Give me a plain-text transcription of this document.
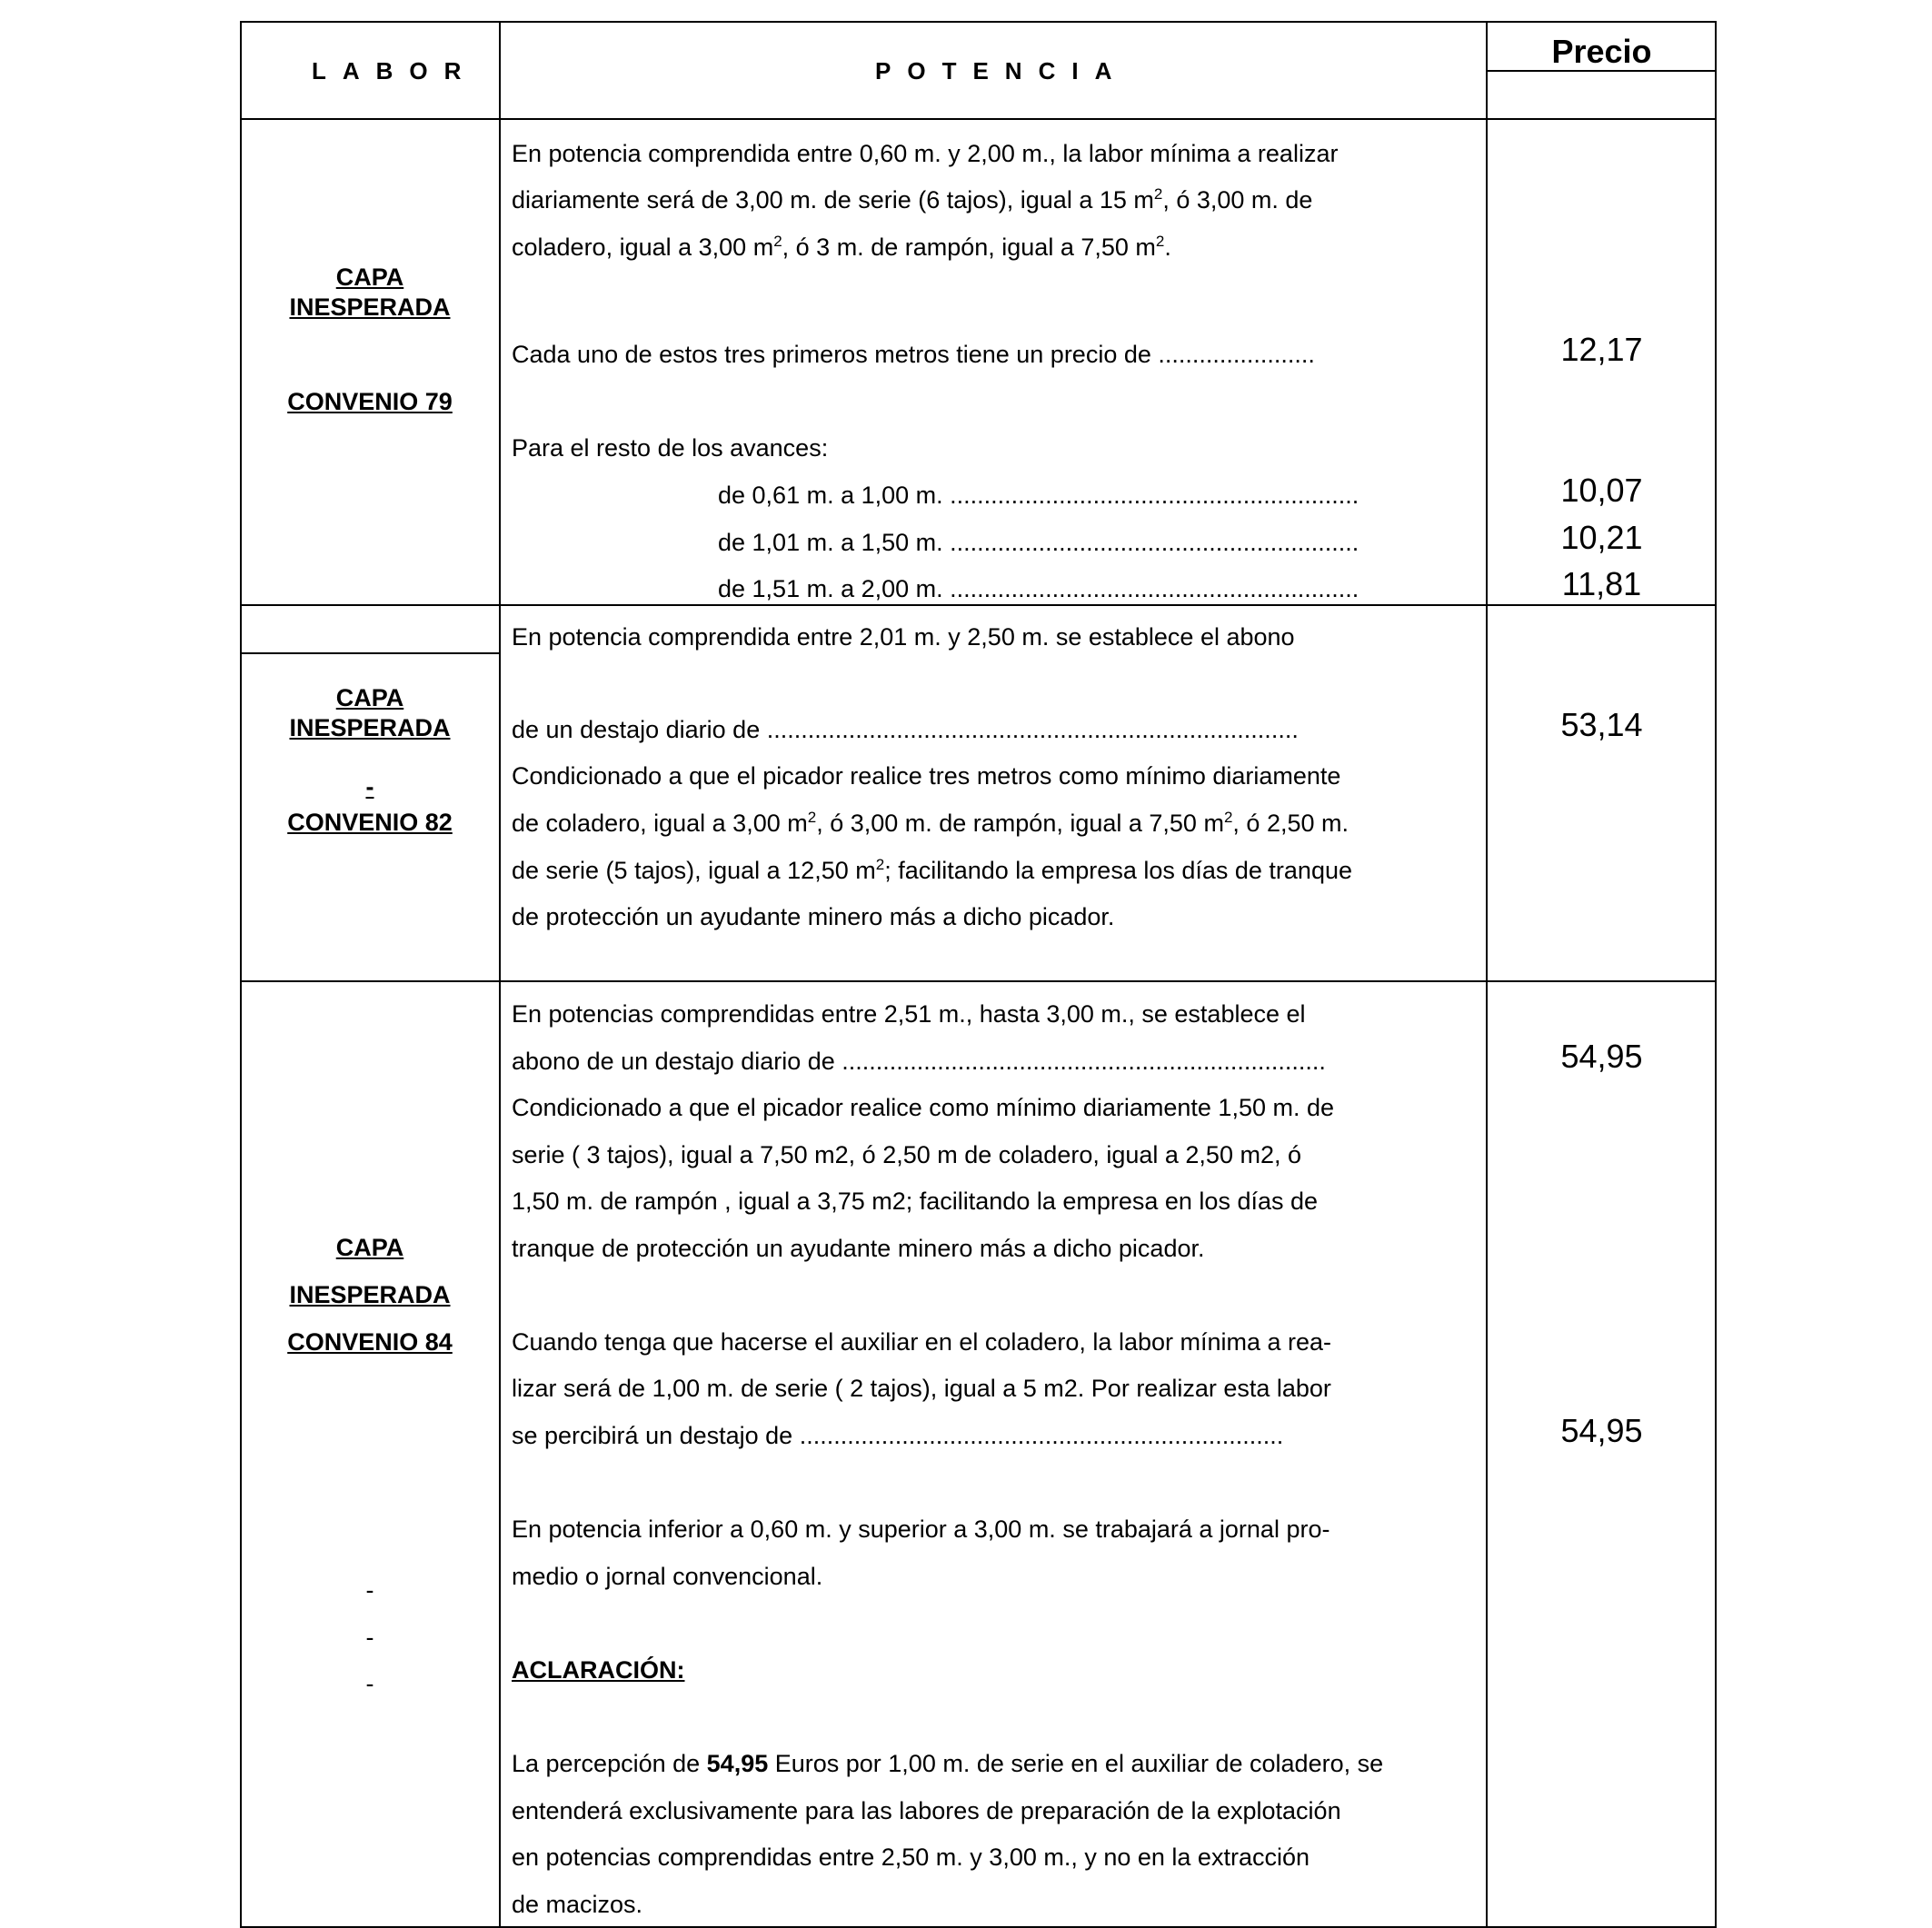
LABOR	POTENCIA
Precio
CAPA
INESPERADA
CONVENIO 79
En potencia comprendida entre 0,60 m. y 2,00 m., la labor mínima a realizar
diariamente será de 3,00 m. de serie (6 tajos), igual a 15 $m^2$, ó 3,00 m. de
coladero, igual a 3,00 $m^2$, ó 3 m. de rampón, igual a 7,50 $m^2$.
Cada uno de estos tres primeros metros tiene un precio de .......................
Para el resto de los avances:
de 0,61 m. a 1,00 m. ............................................................
de 1,01 m. a 1,50 m. ............................................................
de 1,51 m. a 2,00 m. ............................................................
12,17
10,07
10,21
11,81
CAPA
INESPERADA
-
CONVENIO 82
En potencia comprendida entre 2,01 m. y 2,50 m. se establece el abono
de un destajo diario de ..............................................................................
Condicionado a que el picador realice tres metros como mínimo diariamente
de coladero, igual a 3,00 $m^2$, ó 3,00 m. de rampón, igual a 7,50 $m^2$, ó 2,50 m.
de serie (5 tajos), igual a 12,50 $m^2$; facilitando la empresa los días de tranque
de protección un ayudante minero más a dicho picador.
53,14
CAPA
INESPERADA
CONVENIO 84
-
-
-
En potencias comprendidas entre 2,51 m., hasta 3,00 m., se establece el
abono de un destajo diario de .......................................................................
Condicionado a que el picador realice como mínimo diariamente 1,50 m. de
serie ( 3 tajos), igual a 7,50 m2, ó 2,50 m de coladero, igual a 2,50 m2, ó
1,50 m. de rampón , igual a 3,75 m2; facilitando la empresa en los días de
tranque de protección un ayudante minero más a dicho picador.
Cuando tenga que hacerse el auxiliar en el coladero, la labor mínima a rea-
lizar será de 1,00 m. de serie ( 2 tajos), igual a 5 m2. Por realizar esta labor
se percibirá un destajo de .......................................................................
En potencia inferior a 0,60 m. y superior a 3,00 m. se trabajará a jornal pro-
medio o jornal convencional.
ACLARACIÓN:
La percepción de 54,95 Euros por 1,00 m. de serie en el auxiliar de coladero, se
entenderá exclusivamente para las labores de preparación de la explotación
en potencias comprendidas entre 2,50 m. y 3,00 m., y no en la extracción
de macizos.
54,95
54,95
